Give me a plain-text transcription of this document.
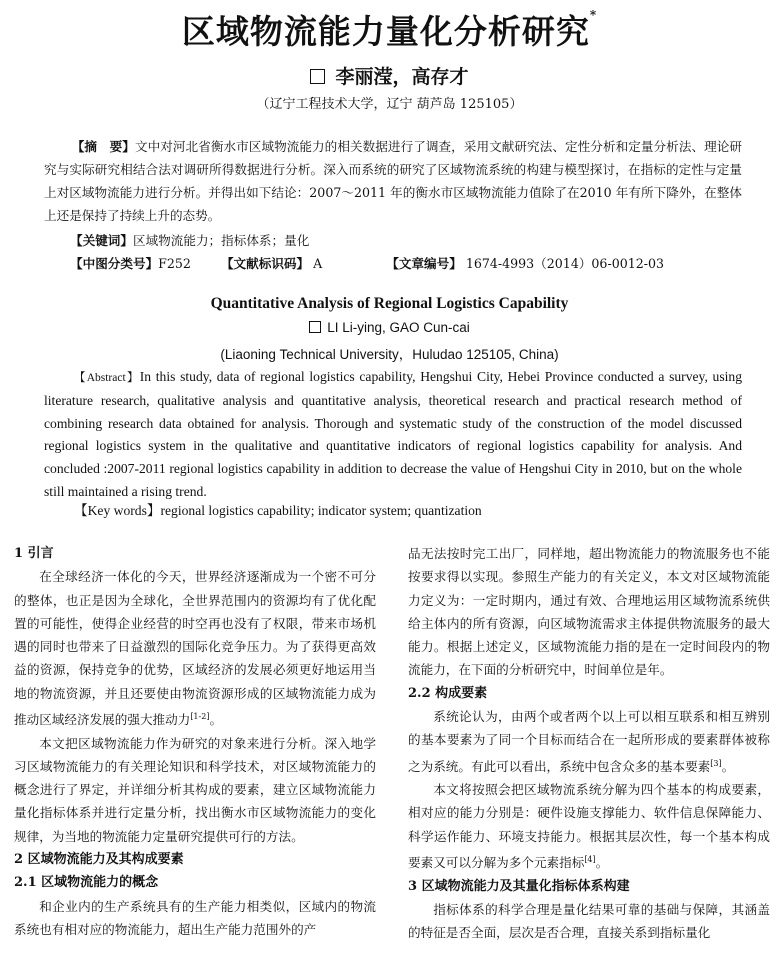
区域物流能力量化分析研究*
李丽滢，高存才
（辽宁工程技术大学，辽宁 葫芦岛 125105）
【摘　要】文中对河北省衡水市区域物流能力的相关数据进行了调查，采用文献研究法、定性分析和定量分析法、理论研究与实际研究相结合法对调研所得数据进行分析。深入而系统的研究了区域物流系统的构建与模型探讨，在指标的定性与定量上对区域物流能力进行分析。并得出如下结论：2007～2011 年的衡水市区域物流能力值除了在2010 年有所下降外，在整体上还是保持了持续上升的态势。
【关键词】区域物流能力；指标体系；量化
【中图分类号】F252 【文献标识码】 A	【文章编号】 1674-4993（2014）06-0012-03
Quantitative Analysis of Regional Logistics Capability
LI Li-ying, GAO Cun-cai
(Liaoning Technical University，Huludao 125105, China)
【Abstract】In this study, data of regional logistics capability, Hengshui City, Hebei Province conducted a survey, using literature research, qualitative analysis and quantitative analysis, theoretical research and practical research method of combining research data obtained for analysis. Thorough and systematic study of the construction of the model discussed regional logistics system in the qualitative and quantitative indicators of regional logistics capability for analysis. And concluded :2007-2011 regional logistics capability in addition to decrease the value of Hengshui City in 2010, but on the whole still maintained a rising trend.
【Key words】regional logistics capability; indicator system; quantization
1 引言

在全球经济一体化的今天，世界经济逐渐成为一个密不可分的整体，也正是因为全球化，全世界范围内的资源均有了优化配置的可能性，使得企业经营的时空再也没有了权限，带来市场机遇的同时也带来了日益激烈的国际化竞争压力。为了获得更高效益的资源，保持竞争的优势，区域经济的发展必须更好地运用当地的物流资源，并且还要使由物流资源形成的区域物流能力成为推动区域经济发展的强大推动力[1-2]。

本文把区域物流能力作为研究的对象来进行分析。深入地学习区域物流能力的有关理论知识和科学技术，对区域物流能力的概念进行了界定，并详细分析其构成的要素，建立区域物流能力量化指标体系并进行定量分析，找出衡水市区域物流能力的变化规律，为当地的物流能力定量研究提供可行的方法。

2 区域物流能力及其构成要素
2.1 区域物流能力的概念

和企业内的生产系统具有的生产能力相类似，区域内的物流系统也有相对应的物流能力，超出生产能力范围外的产

品无法按时完工出厂，同样地，超出物流能力的物流服务也不能按要求得以实现。参照生产能力的有关定义，本文对区域物流能力定义为：一定时期内，通过有效、合理地运用区域物流系统供给主体内的所有资源，向区域物流需求主体提供物流服务的最大能力。根据上述定义，区域物流能力指的是在一定时间段内的物流能力，在下面的分析研究中，时间单位是年。

2.2 构成要素

系统论认为，由两个或者两个以上可以相互联系和相互辨别的基本要素为了同一个目标而结合在一起所形成的要素群体被称之为系统。有此可以看出，系统中包含众多的基本要素[3]。

本文将按照会把区域物流系统分解为四个基本的构成要素，相对应的能力分别是：硬件设施支撑能力、软件信息保障能力、科学运作能力、环境支持能力。根据其层次性，每一个基本构成要素又可以分解为多个元素指标[4]。

3 区域物流能力及其量化指标体系构建

指标体系的科学合理是量化结果可靠的基础与保障，其涵盖的特征是否全面，层次是否合理，直接关系到指标量化
